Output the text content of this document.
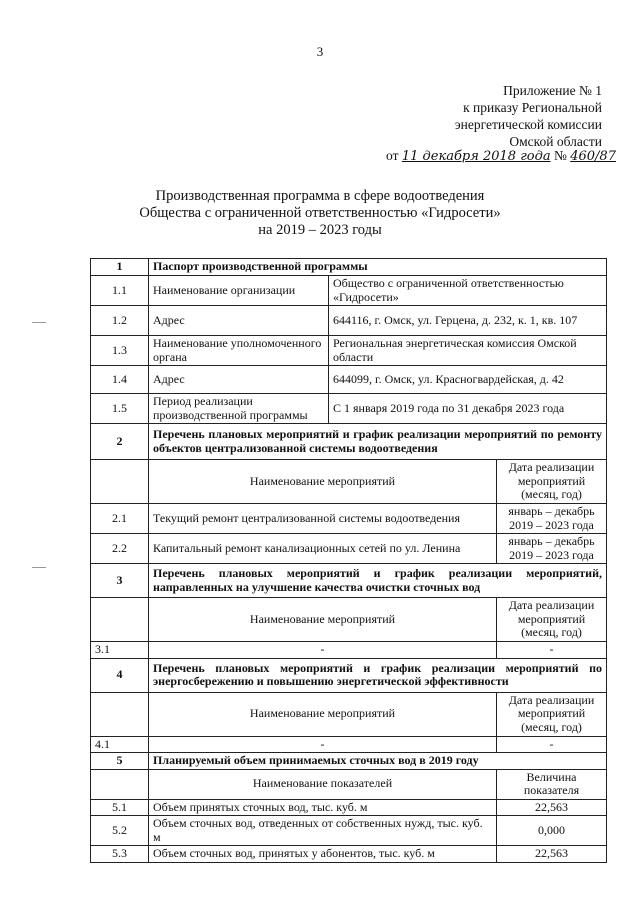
3
Приложение № 1
к приказу Региональной
энергетической комиссии
Омской области
от 11 декабря 2018 года № 460/87
Производственная программа в сфере водоотведения
Общества с ограниченной ответственностью «Гидросети»
на 2019 – 2023 годы
1	Паспорт производственной программы		
1.1	Наименование организации	Общество с ограниченной ответственностью «Гидросети»	
1.2	Адрес	644116, г. Омск, ул. Герцена, д. 232, к. 1, кв. 107	
1.3	Наименование уполномоченного органа	Региональная энергетическая комиссия Омской области	
1.4	Адрес	644099, г. Омск, ул. Красногвардейская, д. 42	
1.5	Период реализации производственной программы	С 1 января 2019 года по 31 декабря 2023 года	
2	Перечень плановых мероприятий и график реализации мероприятий по ремонту объектов централизованной системы водоотведения		
	Наименование мероприятий		Дата реализации мероприятий (месяц, год)
2.1	Текущий ремонт централизованной системы водоотведения		январь – декабрь 2019 – 2023 года
2.2	Капитальный ремонт канализационных сетей по ул. Ленина		январь – декабрь 2019 – 2023 года
3	Перечень плановых мероприятий и график реализации мероприятий, направленных на улучшение качества очистки сточных вод		
	Наименование мероприятий		Дата реализации мероприятий (месяц, год)
3.1	-		-
4	Перечень плановых мероприятий и график реализации мероприятий по энергосбережению и повышению энергетической эффективности		
	Наименование мероприятий		Дата реализации мероприятий (месяц, год)
4.1	-		-
5	Планируемый объем принимаемых сточных вод в 2019 году		
	Наименование показателей		Величина показателя
5.1	Объем принятых сточных вод, тыс. куб. м		22,563
5.2	Объем сточных вод, отведенных от собственных нужд, тыс. куб. м		0,000
5.3	Объем сточных вод, принятых у абонентов, тыс. куб. м		22,563
